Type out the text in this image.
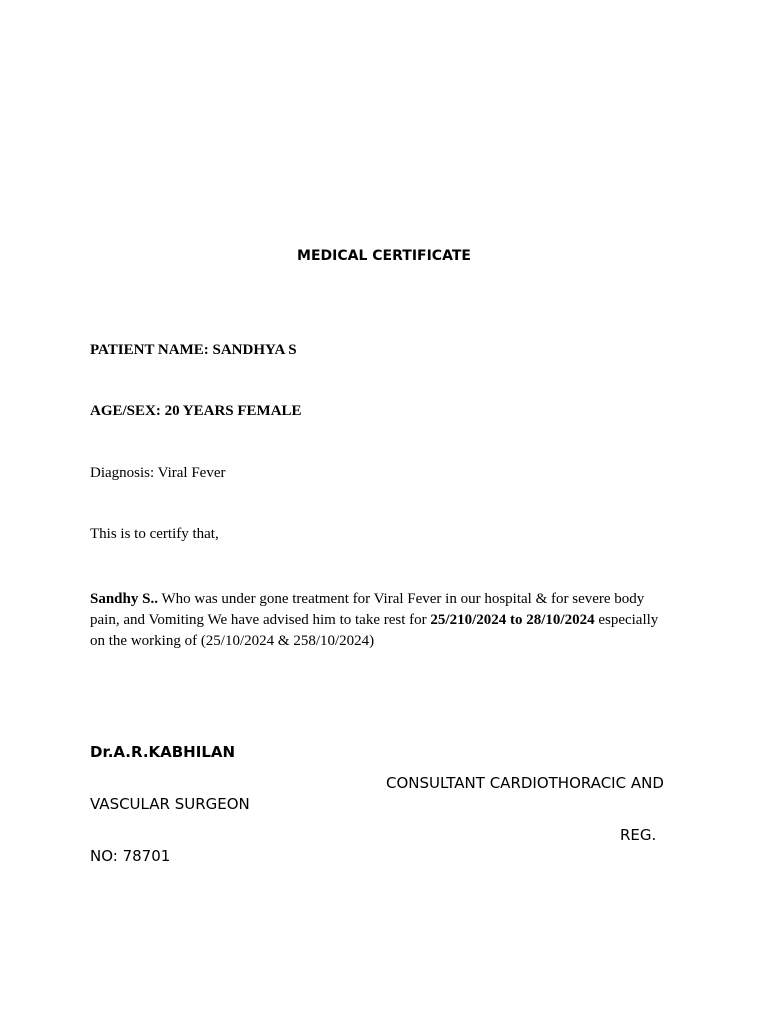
MEDICAL CERTIFICATE
PATIENT NAME: SANDHYA S
AGE/SEX: 20 YEARS FEMALE
Diagnosis: Viral Fever
This is to certify that,
Sandhy S.. Who was under gone treatment for Viral Fever in our hospital & for severe body pain, and Vomiting We have advised him to take rest for 25/210/2024 to 28/10/2024 especially on the working of (25/10/2024 & 258/10/2024)
Dr.A.R.KABHILAN
CONSULTANT CARDIOTHORACIC AND
VASCULAR SURGEON
REG.
NO: 78701
